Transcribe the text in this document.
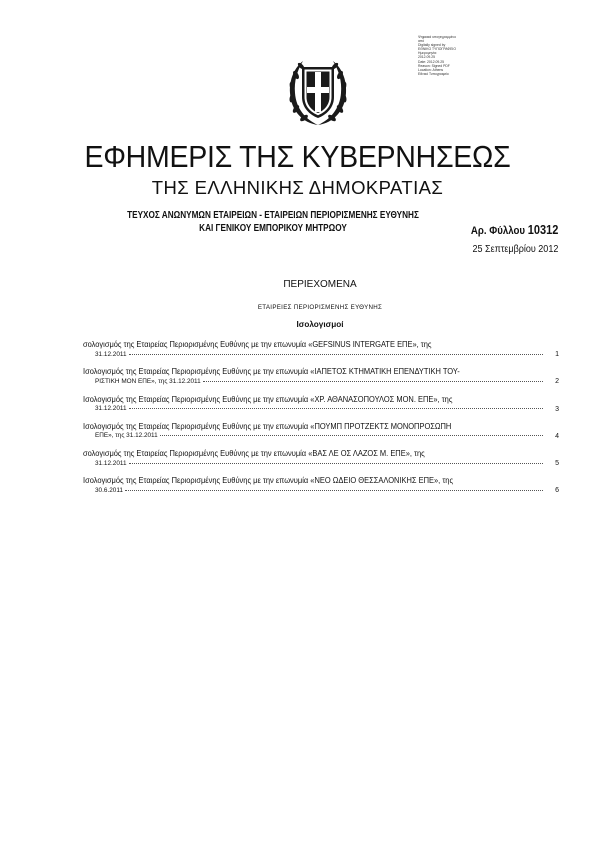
Ψηφιακά υπογεγραμμένο
από
Digitally signed by
ΕΘΝΙΚΟ ΤΥΠΟΓΡΑΦΕΙΟ
Ημερομηνία:
2012.09.25
Date: 2012.09.25
Reason: Signed PDF
Location: Athens
Εθνικό Τυπογραφείο
ΕΦΗΜΕΡΙΣ ΤΗΣ ΚΥΒΕΡΝΗΣΕΩΣ
ΤΗΣ ΕΛΛΗΝΙΚΗΣ ΔΗΜΟΚΡΑΤΙΑΣ
ΤΕΥΧΟΣ ΑΝΩΝΥΜΩΝ ΕΤΑΙΡΕΙΩΝ - ΕΤΑΙΡΕΙΩΝ ΠΕΡΙΟΡΙΣΜΕΝΗΣ ΕΥΘΥΝΗΣ
ΚΑΙ ΓΕΝΙΚΟΥ ΕΜΠΟΡΙΚΟΥ ΜΗΤΡΩΟΥ	Αρ. Φύλλου 10312
25 Σεπτεμβρίου 2012
ΠΕΡΙΕΧΟΜΕΝΑ
ΕΤΑΙΡΕΙΕΣ ΠΕΡΙΟΡΙΣΜΕΝΗΣ ΕΥΘΥΝΗΣ
Ισολογισμοί
σολογισμός της Εταιρείας Περιορισμένης Ευθύνης με την επωνυμία «GEFSINUS INTERGATE ΕΠΕ», της
31.12.2011	1
Ισολογισμός της Εταιρείας Περιορισμένης Ευθύνης με την επωνυμία «ΙΑΠΕΤΟΣ ΚΤΗΜΑΤΙΚΗ ΕΠΕΝΔΥΤΙΚΗ ΤΟΥ-
ΡΙΣΤΙΚΗ ΜΟΝ ΕΠΕ», της 31.12.2011	2
Ισολογισμός της Εταιρείας Περιορισμένης Ευθύνης με την επωνυμία «ΧΡ. ΑΘΑΝΑΣΟΠΟΥΛΟΣ ΜΟΝ. ΕΠΕ», της
31.12.2011	3
Ισολογισμός της Εταιρείας Περιορισμένης Ευθύνης με την επωνυμία «ΠΟΥΜΠ ΠΡΟΤΖΕΚΤΣ ΜΟΝΟΠΡΟΣΩΠΗ
ΕΠΕ», της 31.12.2011	4
σολογισμός της Εταιρείας Περιορισμένης Ευθύνης με την επωνυμία «ΒΑΣ ΛΕ ΟΣ ΛΑΖΟΣ Μ. ΕΠΕ», της
31.12.2011	5
Ισολογισμός της Εταιρείας Περιορισμένης Ευθύνης με την επωνυμία «ΝΕΟ ΩΔΕΙΟ ΘΕΣΣΑΛΟΝΙΚΗΣ ΕΠΕ», της
30.6.2011	6
